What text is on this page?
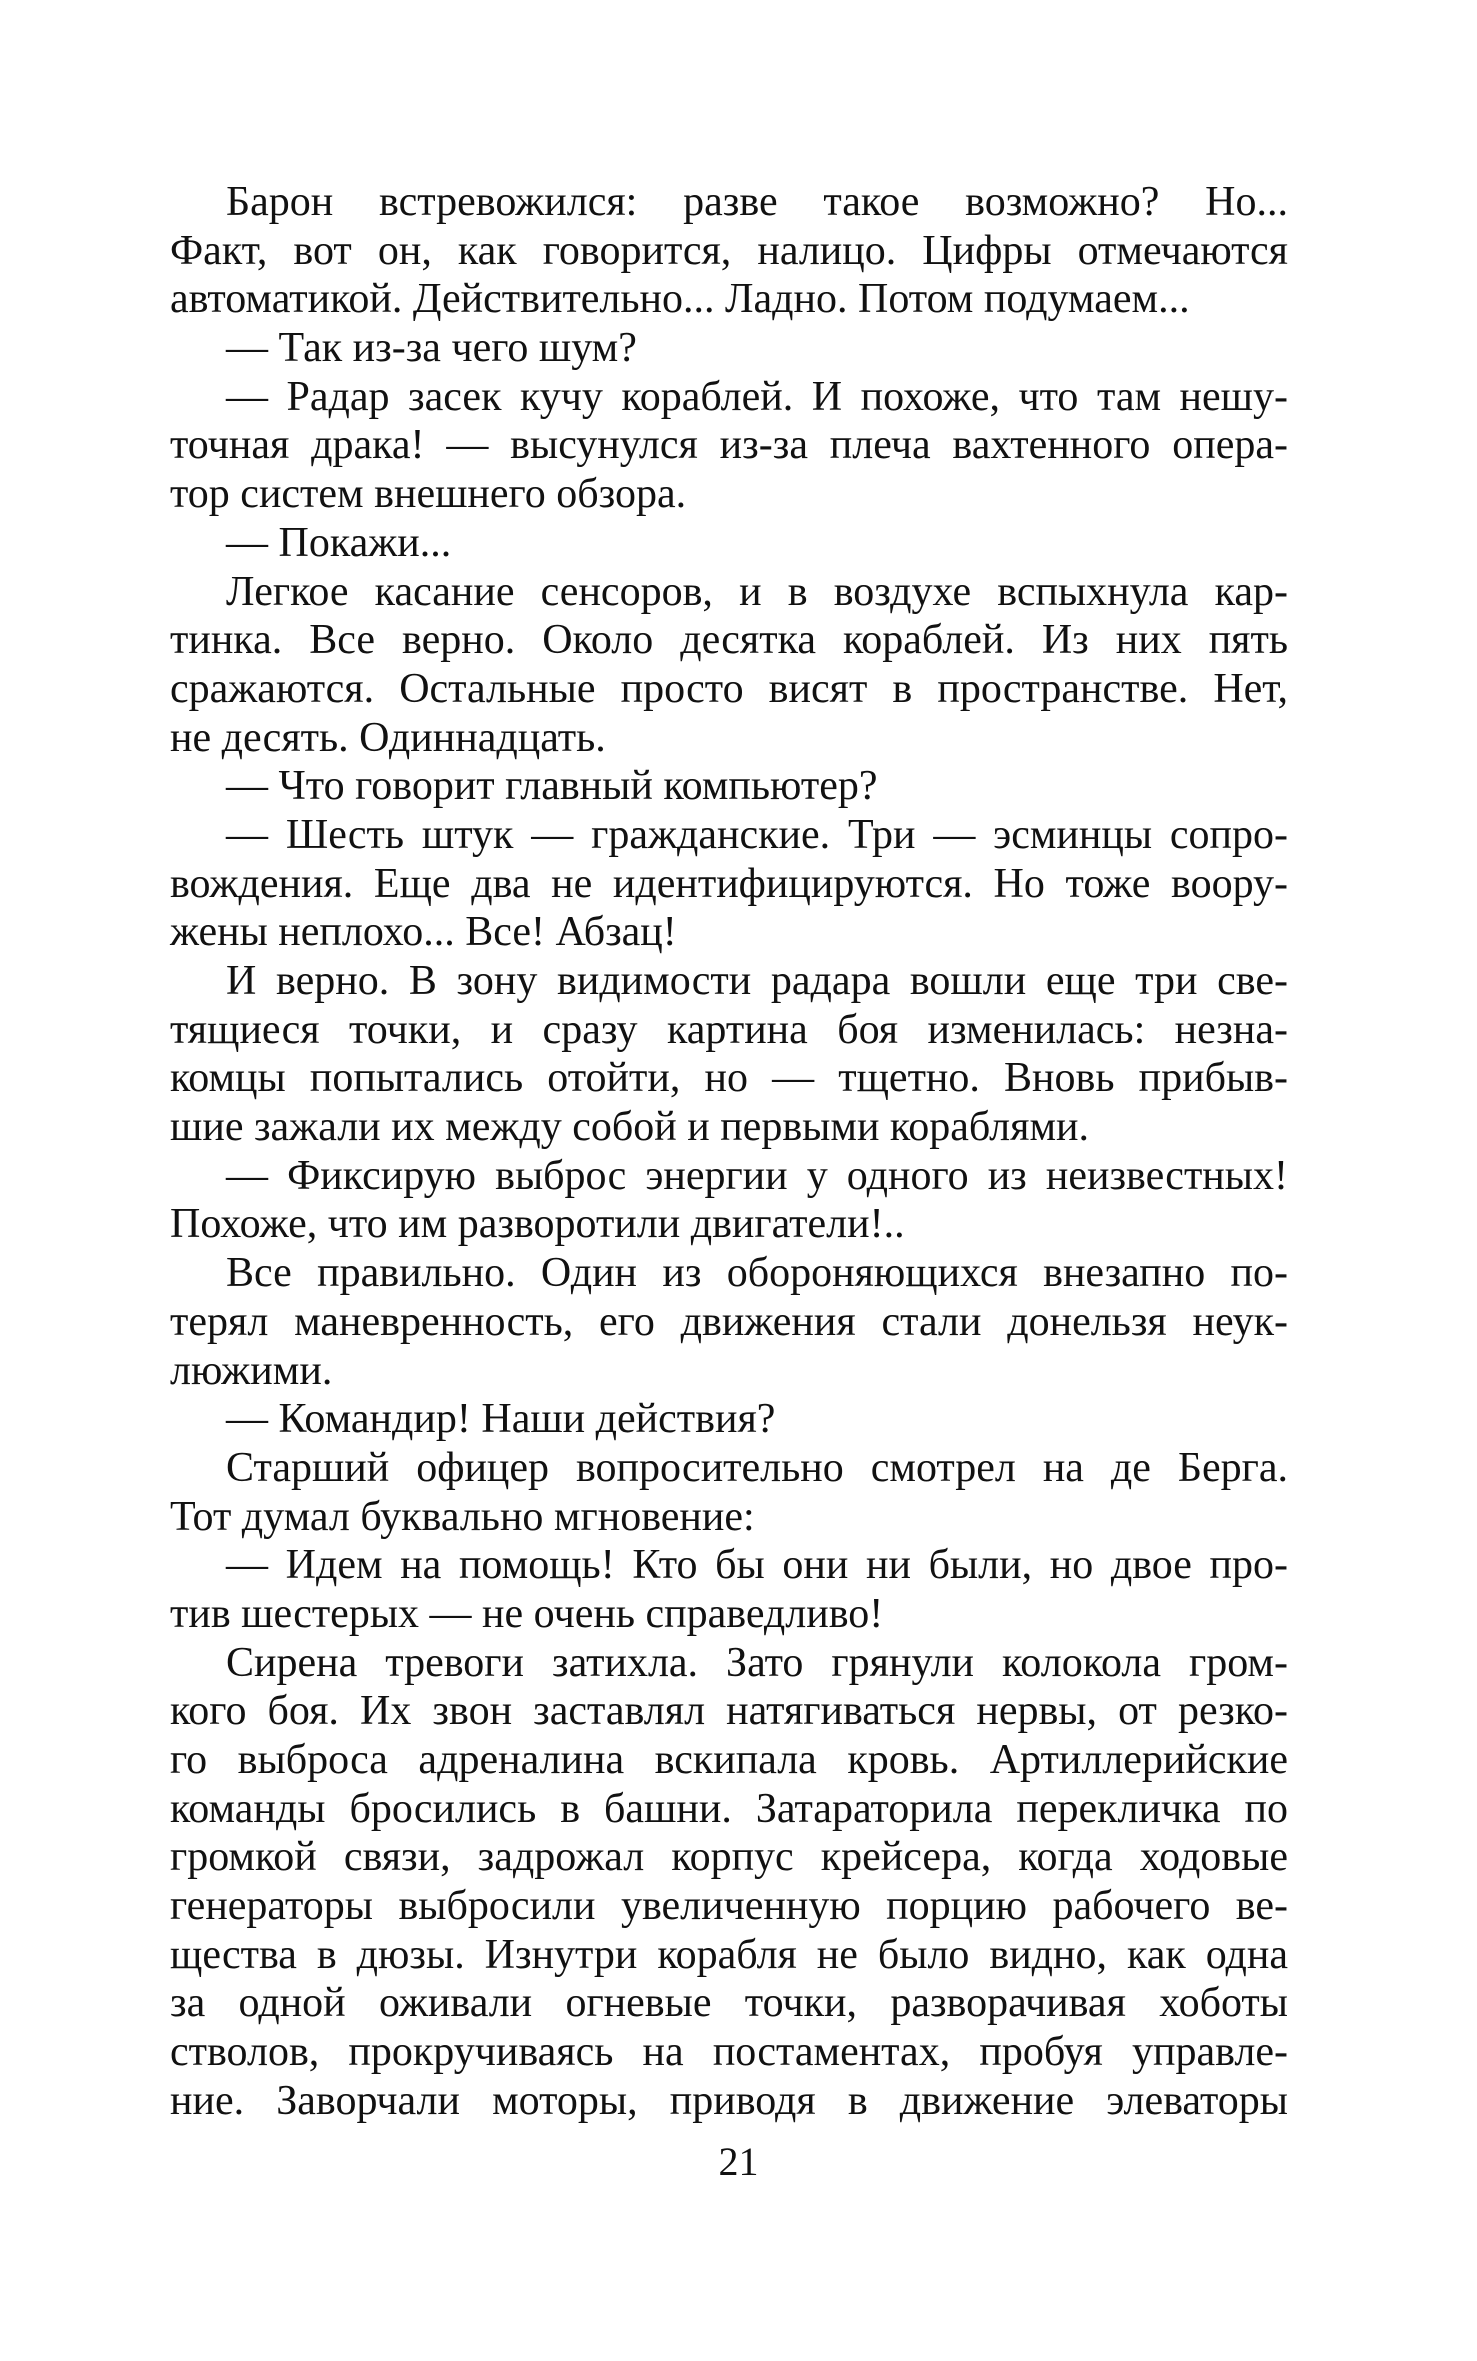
Барон встревожился: разве такое возможно? Но...
Факт, вот он, как говорится, налицо. Цифры отмечаются
автоматикой. Действительно... Ладно. Потом подумаем...
— Так из-за чего шум?
— Радар засек кучу кораблей. И похоже, что там нешу-
точная драка! — высунулся из-за плеча вахтенного опера-
тор систем внешнего обзора.
— Покажи...
Легкое касание сенсоров, и в воздухе вспыхнула кар-
тинка. Все верно. Около десятка кораблей. Из них пять
сражаются. Остальные просто висят в пространстве. Нет,
не десять. Одиннадцать.
— Что говорит главный компьютер?
— Шесть штук — гражданские. Три — эсминцы сопро-
вождения. Еще два не идентифицируются. Но тоже воору-
жены неплохо... Все! Абзац!
И верно. В зону видимости радара вошли еще три све-
тящиеся точки, и сразу картина боя изменилась: незна-
комцы попытались отойти, но — тщетно. Вновь прибыв-
шие зажали их между собой и первыми кораблями.
— Фиксирую выброс энергии у одного из неизвестных!
Похоже, что им разворотили двигатели!..
Все правильно. Один из обороняющихся внезапно по-
терял маневренность, его движения стали донельзя неук-
люжими.
— Командир! Наши действия?
Старший офицер вопросительно смотрел на де Берга.
Тот думал буквально мгновение:
— Идем на помощь! Кто бы они ни были, но двое про-
тив шестерых — не очень справедливо!
Сирена тревоги затихла. Зато грянули колокола гром-
кого боя. Их звон заставлял натягиваться нервы, от резко-
го выброса адреналина вскипала кровь. Артиллерийские
команды бросились в башни. Затараторила перекличка по
громкой связи, задрожал корпус крейсера, когда ходовые
генераторы выбросили увеличенную порцию рабочего ве-
щества в дюзы. Изнутри корабля не было видно, как одна
за одной оживали огневые точки, разворачивая хоботы
стволов, прокручиваясь на постаментах, пробуя управле-
ние. Заворчали моторы, приводя в движение элеваторы
21
